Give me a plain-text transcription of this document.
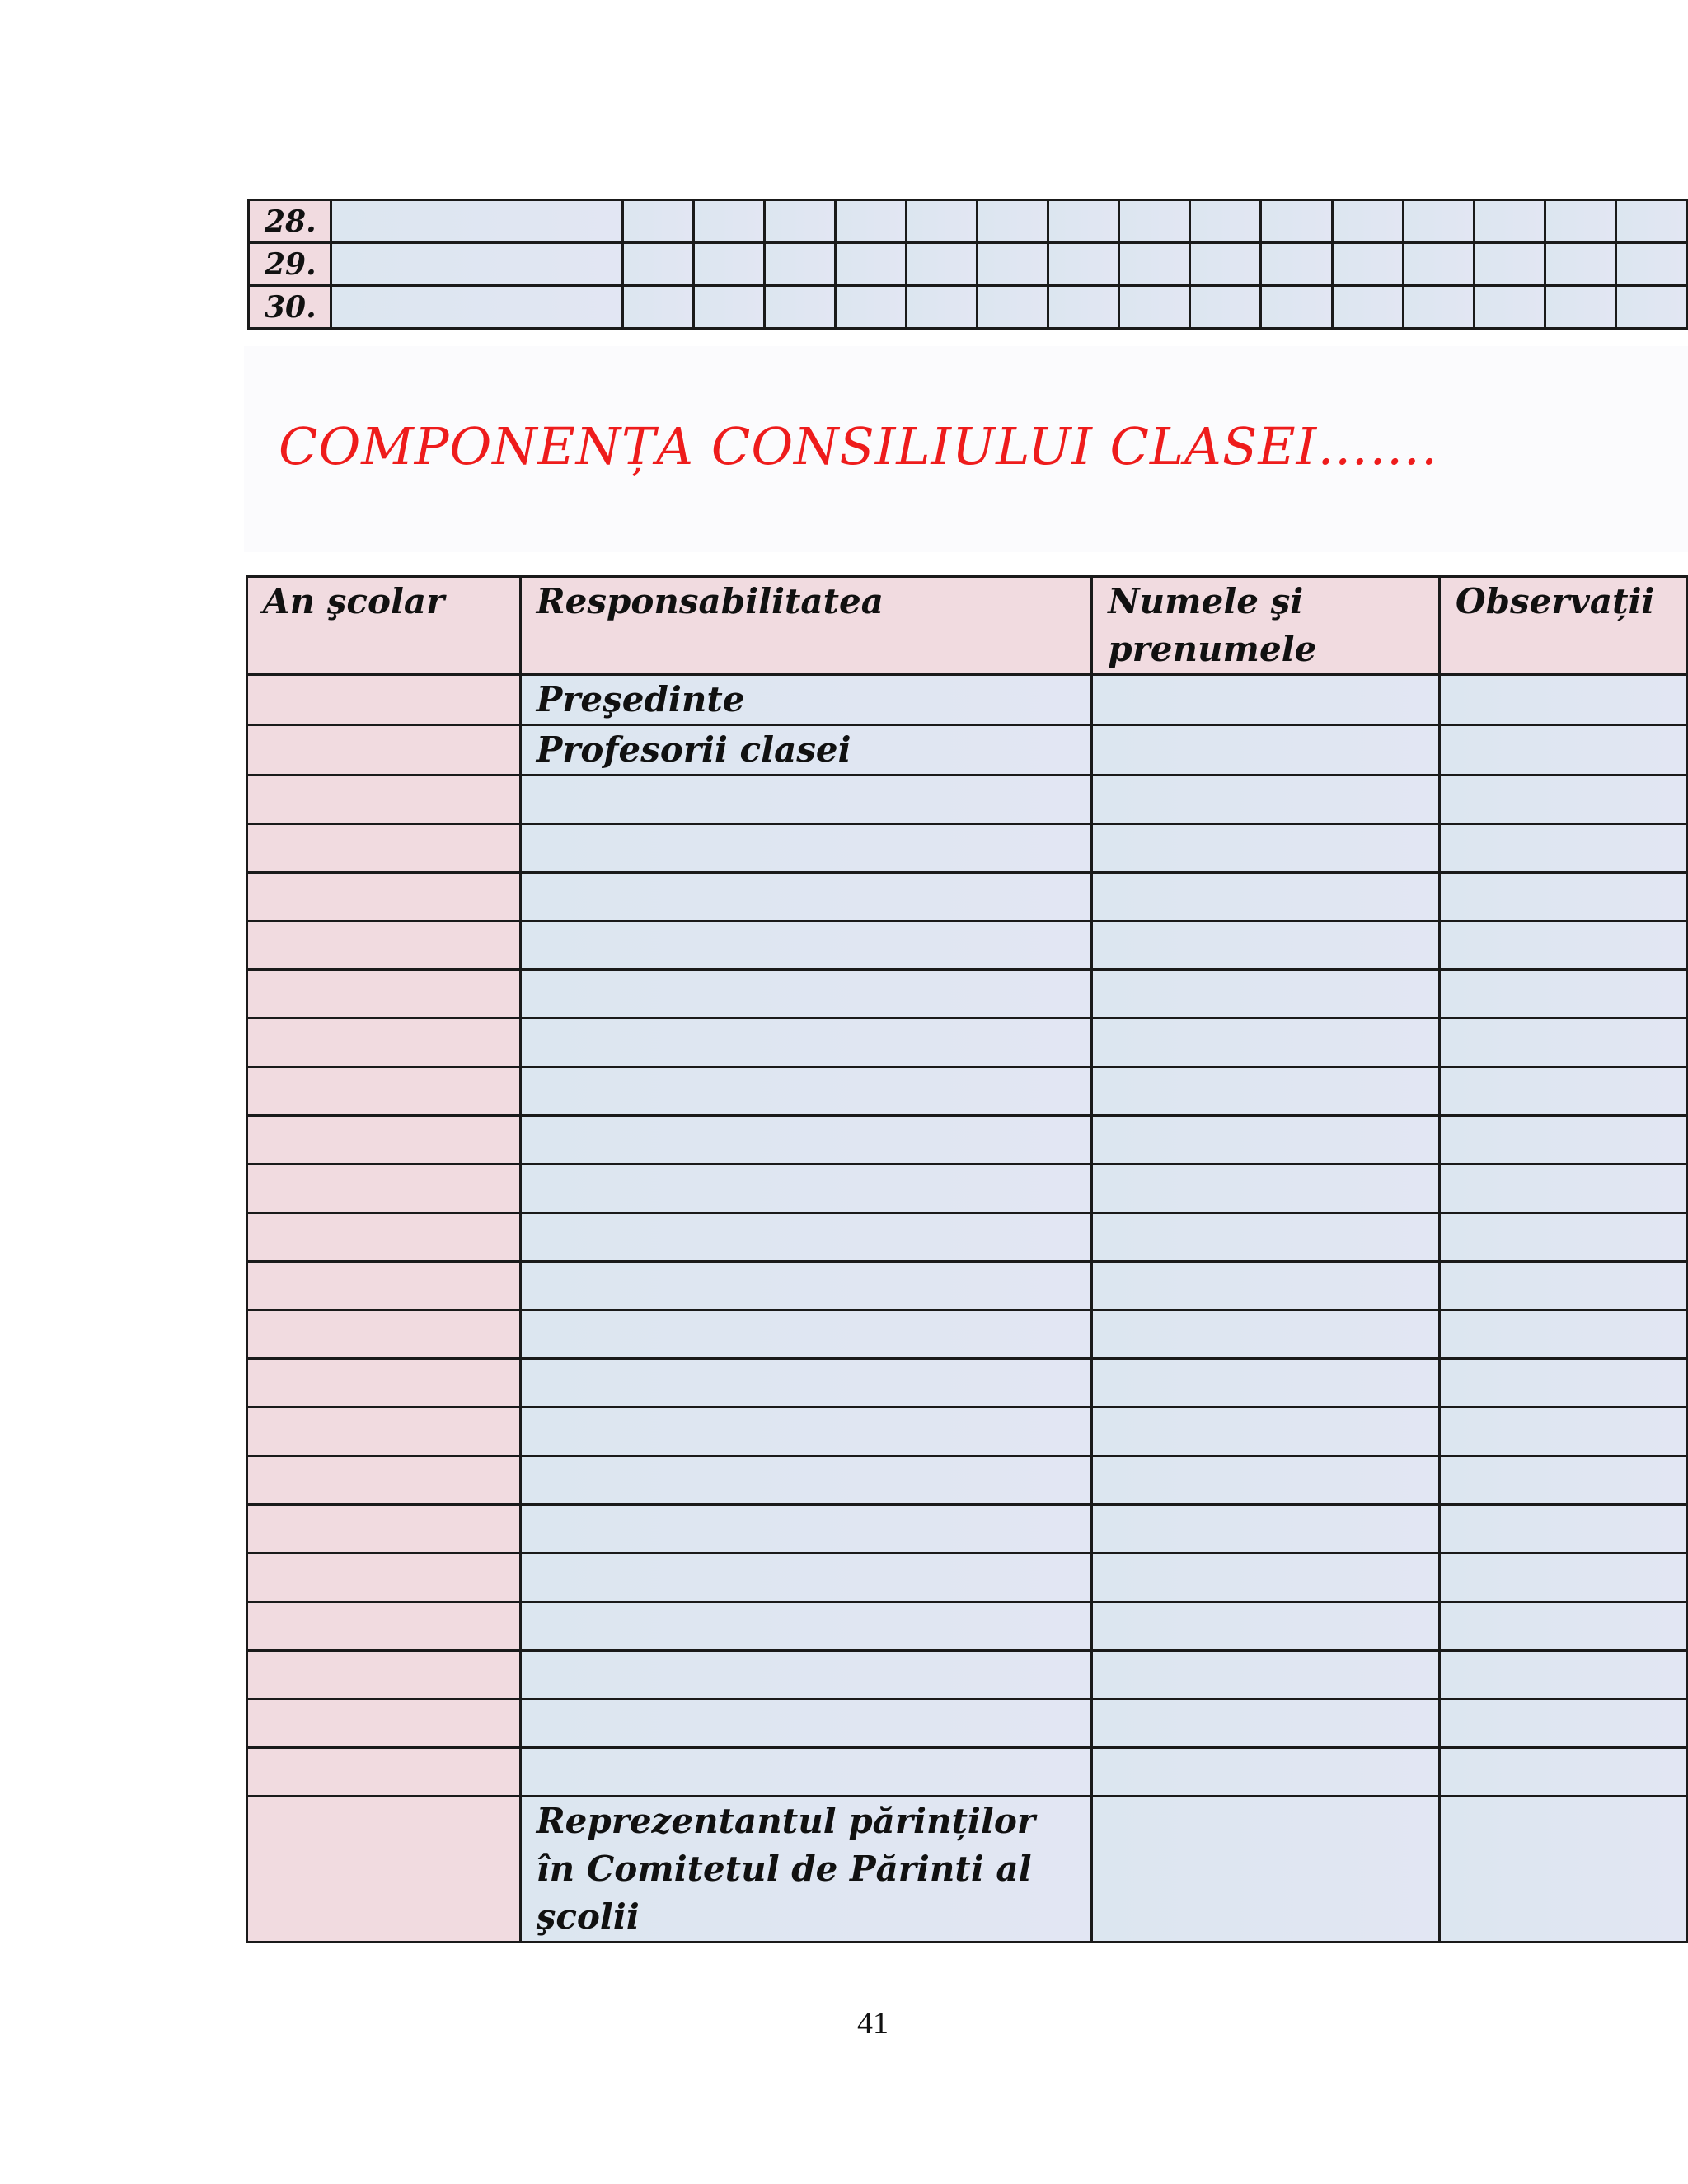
28.																
29.																
30.																
COMPONENȚA CONSILIULUI CLASEI…….
An şcolar	Responsabilitatea	Numele şi prenumele	Observații
	Preşedinte		
	Profesorii clasei		

	Reprezentantul părinților în Comitetul de Părinti al şcolii		
41
